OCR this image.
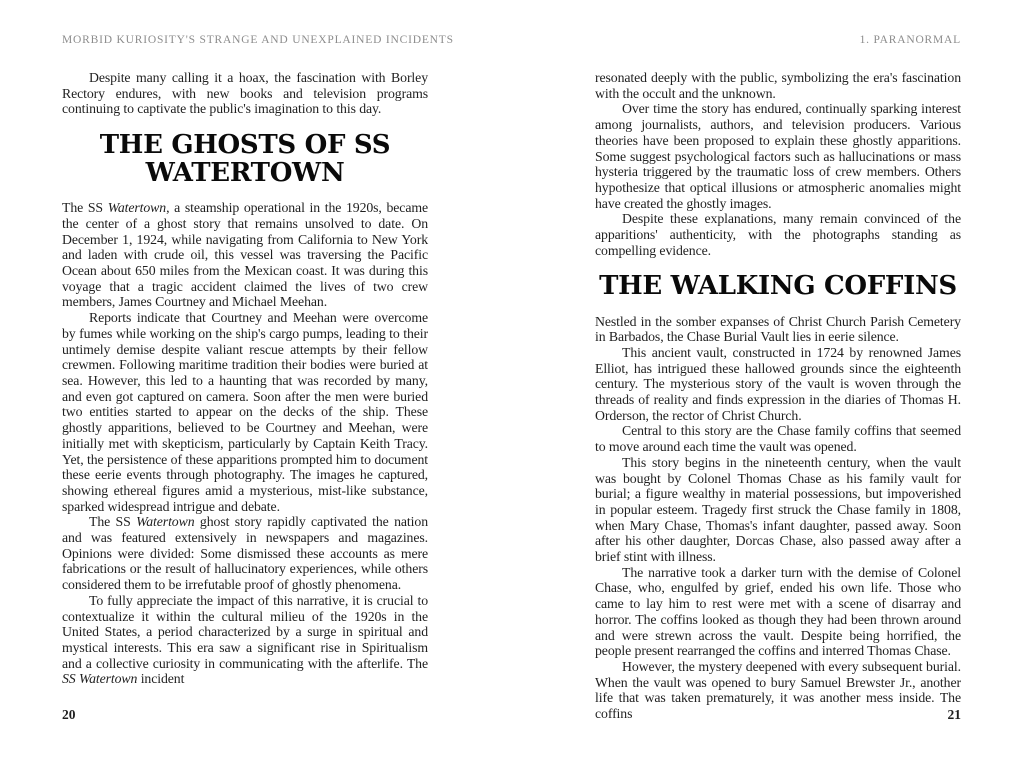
MORBID KURIOSITY'S STRANGE AND UNEXPLAINED INCIDENTS

Despite many calling it a hoax, the fascination with Borley Rectory endures, with new books and television programs continuing to captivate the public's imagination to this day.

THE GHOSTS OF SS WATERTOWN

The SS Watertown, a steamship operational in the 1920s, became the center of a ghost story that remains unsolved to date. On December 1, 1924, while navigating from California to New York and laden with crude oil, this vessel was traversing the Pacific Ocean about 650 miles from the Mexican coast. It was during this voyage that a tragic accident claimed the lives of two crew members, James Courtney and Michael Meehan.

Reports indicate that Courtney and Meehan were overcome by fumes while working on the ship's cargo pumps, leading to their untimely demise despite valiant rescue attempts by their fellow crewmen. Following maritime tradition their bodies were buried at sea. However, this led to a haunting that was recorded by many, and even got captured on camera. Soon after the men were buried two entities started to appear on the decks of the ship. These ghostly apparitions, believed to be Courtney and Meehan, were initially met with skepticism, particularly by Captain Keith Tracy. Yet, the persistence of these apparitions prompted him to document these eerie events through photography. The images he captured, showing ethereal figures amid a mysterious, mist-like substance, sparked widespread intrigue and debate.

The SS Watertown ghost story rapidly captivated the nation and was featured extensively in newspapers and magazines. Opinions were divided: Some dismissed these accounts as mere fabrications or the result of hallucinatory experiences, while others considered them to be irrefutable proof of ghostly phenomena.

To fully appreciate the impact of this narrative, it is crucial to contextualize it within the cultural milieu of the 1920s in the United States, a period characterized by a surge in spiritual and mystical interests. This era saw a significant rise in Spiritualism and a collective curiosity in communicating with the afterlife. The SS Watertown incident

20
1. PARANORMAL

resonated deeply with the public, symbolizing the era's fascination with the occult and the unknown.

Over time the story has endured, continually sparking interest among journalists, authors, and television producers. Various theories have been proposed to explain these ghostly apparitions. Some suggest psychological factors such as hallucinations or mass hysteria triggered by the traumatic loss of crew members. Others hypothesize that optical illusions or atmospheric anomalies might have created the ghostly images.

Despite these explanations, many remain convinced of the apparitions' authenticity, with the photographs standing as compelling evidence.

THE WALKING COFFINS

Nestled in the somber expanses of Christ Church Parish Cemetery in Barbados, the Chase Burial Vault lies in eerie silence.

This ancient vault, constructed in 1724 by renowned James Elliot, has intrigued these hallowed grounds since the eighteenth century. The mysterious story of the vault is woven through the threads of reality and finds expression in the diaries of Thomas H. Orderson, the rector of Christ Church.

Central to this story are the Chase family coffins that seemed to move around each time the vault was opened.

This story begins in the nineteenth century, when the vault was bought by Colonel Thomas Chase as his family vault for burial; a figure wealthy in material possessions, but impoverished in popular esteem. Tragedy first struck the Chase family in 1808, when Mary Chase, Thomas's infant daughter, passed away. Soon after his other daughter, Dorcas Chase, also passed away after a brief stint with illness.

The narrative took a darker turn with the demise of Colonel Chase, who, engulfed by grief, ended his own life. Those who came to lay him to rest were met with a scene of disarray and horror. The coffins looked as though they had been thrown around and were strewn across the vault. Despite being horrified, the people present rearranged the coffins and interred Thomas Chase.

However, the mystery deepened with every subsequent burial. When the vault was opened to bury Samuel Brewster Jr., another life that was taken prematurely, it was another mess inside. The coffins	21
